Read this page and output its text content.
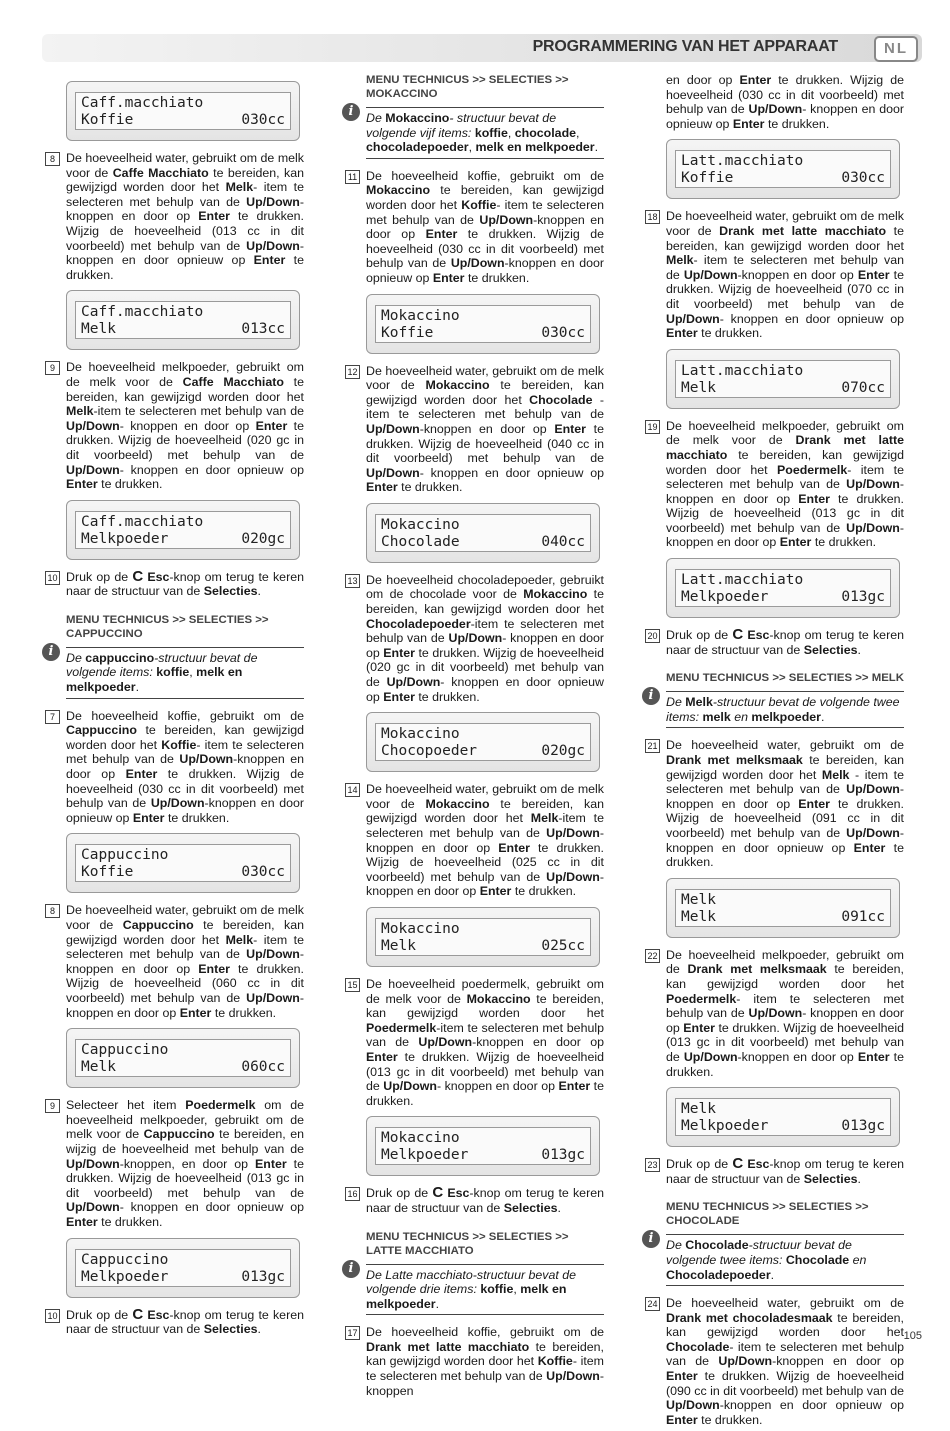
PROGRAMMERING VAN HET APPARAAT	NL
Caff.macchiato
Koffie	030cc
8 De hoeveelheid water, gebruikt om de melk voor de Caffe Macchiato te bereiden, kan gewijzigd worden door het Melk- item te selecteren met behulp van de Up/Down-knoppen en door op Enter te drukken. Wijzig de hoeveelheid (013 cc in dit voorbeeld) met behulp van de Up/Down- knoppen en door opnieuw op Enter te drukken.
Caff.macchiato
Melk	013cc
9 De hoeveelheid melkpoeder, gebruikt om de melk voor de Caffe Macchiato te bereiden, kan gewijzigd worden door het Melk-item te selecteren met behulp van de Up/Down- knoppen en door op Enter te drukken. Wijzig de hoeveelheid (020 gc in dit voorbeeld) met behulp van de Up/Down- knoppen en door opnieuw op Enter te drukken.
Caff.macchiato
Melkpoeder	020gc
10 Druk op de C Esc-knop om terug te keren naar de structuur van de Selecties.
MENU TECHNICUS >> SELECTIES >> CAPPUCCINO
i	De cappuccino-structuur bevat de volgende items: koffie, melk en melkpoeder.
7 De hoeveelheid koffie, gebruikt om de Cappuccino te bereiden, kan gewijzigd worden door het Koffie- item te selecteren met behulp van de Up/Down-knoppen en door op Enter te drukken. Wijzig de hoeveelheid (030 cc in dit voorbeeld) met behulp van de Up/Down-knoppen en door opnieuw op Enter te drukken.
Cappuccino
Koffie	030cc
8 De hoeveelheid water, gebruikt om de melk voor de Cappuccino te bereiden, kan gewijzigd worden door het Melk- item te selecteren met behulp van de Up/Down-knoppen en door op Enter te drukken. Wijzig de hoeveelheid (060 cc in dit voorbeeld) met behulp van de Up/Down- knoppen en door op Enter te drukken.
Cappuccino
Melk	060cc
9 Selecteer het item Poedermelk om de hoeveelheid melkpoeder, gebruikt om de melk voor de Cappuccino te bereiden, en wijzig de hoeveelheid met behulp van de Up/Down-knoppen, en door op Enter te drukken. Wijzig de hoeveelheid (013 gc in dit voorbeeld) met behulp van de Up/Down- knoppen en door opnieuw op Enter te drukken.
Cappuccino
Melkpoeder	013gc
10 Druk op de C Esc-knop om terug te keren naar de structuur van de Selecties.
MENU TECHNICUS >> SELECTIES >> MOKACCINO
i	De Mokaccino- structuur bevat de volgende vijf items: koffie, chocolade, chocoladepoeder, melk en melkpoeder.
11 De hoeveelheid koffie, gebruikt om de Mokaccino te bereiden, kan gewijzigd worden door het Koffie- item te selecteren met behulp van de Up/Down-knoppen en door op Enter te drukken. Wijzig de hoeveelheid (030 cc in dit voorbeeld) met behulp van de Up/Down-knoppen en door opnieuw op Enter te drukken.
Mokaccino
Koffie	030cc
12 De hoeveelheid water, gebruikt om de melk voor de Mokaccino te bereiden, kan gewijzigd worden door het Chocolade - item te selecteren met behulp van de Up/Down-knoppen en door op Enter te drukken. Wijzig de hoeveelheid (040 cc in dit voorbeeld) met behulp van de Up/Down- knoppen en door opnieuw op Enter te drukken.
Mokaccino
Chocolade	040cc
13 De hoeveelheid chocoladepoeder, gebruikt om de chocolade voor de Mokaccino te bereiden, kan gewijzigd worden door het Chocoladepoeder-item te selecteren met behulp van de Up/Down- knoppen en door op Enter te drukken. Wijzig de hoeveelheid (020 gc in dit voorbeeld) met behulp van de Up/Down- knoppen en door opnieuw op Enter te drukken.
Mokaccino
Chocopoeder	020gc
14 De hoeveelheid water, gebruikt om de melk voor de Mokaccino te bereiden, kan gewijzigd worden door het Melk-item te selecteren met behulp van de Up/Down-knoppen en door op Enter te drukken. Wijzig de hoeveelheid (025 cc in dit voorbeeld) met behulp van de Up/Down- knoppen en door op Enter te drukken.
Mokaccino
Melk	025cc
15 De hoeveelheid poedermelk, gebruikt om de melk voor de Mokaccino te bereiden, kan gewijzigd worden door het Poedermelk-item te selecteren met behulp van de Up/Down-knoppen en door op Enter te drukken. Wijzig de hoeveelheid (013 gc in dit voorbeeld) met behulp van de Up/Down- knoppen en door op Enter te drukken.
Mokaccino
Melkpoeder	013gc
16 Druk op de C Esc-knop om terug te keren naar de structuur van de Selecties.
MENU TECHNICUS >> SELECTIES >> LATTE MACCHIATO
i	De Latte macchiato-structuur bevat de volgende drie items: koffie, melk en melkpoeder.
17 De hoeveelheid koffie, gebruikt om de Drank met latte macchiato te bereiden, kan gewijzigd worden door het Koffie- item te selecteren met behulp van de Up/Down-knoppen
en door op Enter te drukken. Wijzig de hoeveelheid (030 cc in dit voorbeeld) met behulp van de Up/Down- knoppen en door opnieuw op Enter te drukken.
Latt.macchiato
Koffie	030cc
18 De hoeveelheid water, gebruikt om de melk voor de Drank met latte macchiato te bereiden, kan gewijzigd worden door het Melk- item te selecteren met behulp van de Up/Down-knoppen en door op Enter te drukken. Wijzig de hoeveelheid (070 cc in dit voorbeeld) met behulp van de Up/Down- knoppen en door opnieuw op Enter te drukken.
Latt.macchiato
Melk	070cc
19 De hoeveelheid melkpoeder, gebruikt om de melk voor de Drank met latte macchiato te bereiden, kan gewijzigd worden door het Poedermelk- item te selecteren met behulp van de Up/Down- knoppen en door op Enter te drukken. Wijzig de hoeveelheid (013 gc in dit voorbeeld) met behulp van de Up/Down-knoppen en door op Enter te drukken.
Latt.macchiato
Melkpoeder	013gc
20 Druk op de C Esc-knop om terug te keren naar de structuur van de Selecties.
MENU TECHNICUS >> SELECTIES >> MELK
i	De Melk-structuur bevat de volgende twee items: melk en melkpoeder.
21 De hoeveelheid water, gebruikt om de Drank met melksmaak te bereiden, kan gewijzigd worden door het Melk - item te selecteren met behulp van de Up/Down- knoppen en door op Enter te drukken. Wijzig de hoeveelheid (091 cc in dit voorbeeld) met behulp van de Up/Down-knoppen en door opnieuw op Enter te drukken.
Melk
Melk	091cc
22 De hoeveelheid melkpoeder, gebruikt om de Drank met melksmaak te bereiden, kan gewijzigd worden door het Poedermelk- item te selecteren met behulp van de Up/Down- knoppen en door op Enter te drukken. Wijzig de hoeveelheid (013 gc in dit voorbeeld) met behulp van de Up/Down-knoppen en door op Enter te drukken.
Melk
Melkpoeder	013gc
23 Druk op de C Esc-knop om terug te keren naar de structuur van de Selecties.
MENU TECHNICUS >> SELECTIES >> CHOCOLADE
i	De Chocolade-structuur bevat de volgende twee items: Chocolade en Chocoladepoeder.
24 De hoeveelheid water, gebruikt om de Drank met chocoladesmaak te bereiden, kan gewijzigd worden door het Chocolade- item te selecteren met behulp van de Up/Down-knoppen en door op Enter te drukken. Wijzig de hoeveelheid (090 cc in dit voorbeeld) met behulp van de Up/Down-knoppen en door opnieuw op Enter te drukken.
105
